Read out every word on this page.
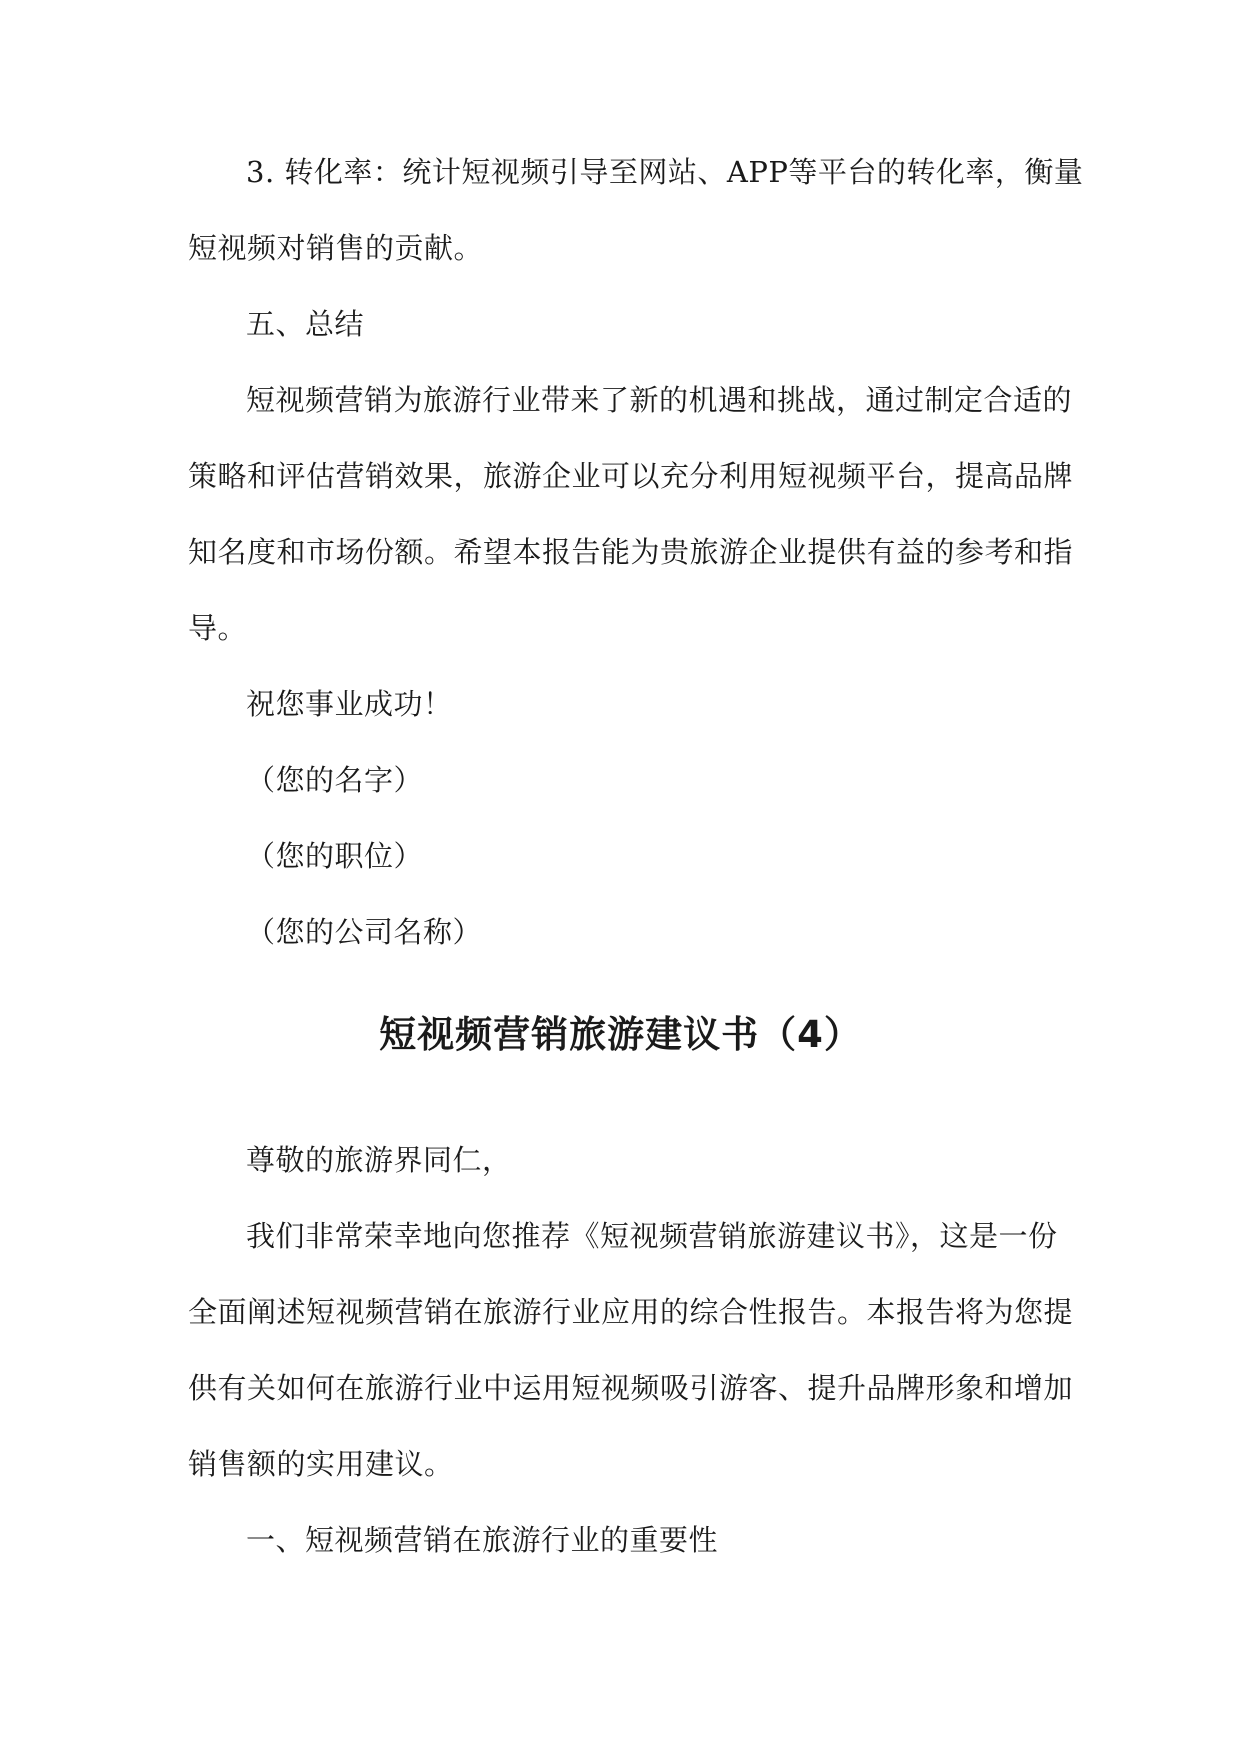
3. 转化率：统计短视频引导至网站、APP等平台的转化率，衡量

短视频对销售的贡献。

五、总结

短视频营销为旅游行业带来了新的机遇和挑战，通过制定合适的

策略和评估营销效果，旅游企业可以充分利用短视频平台，提高品牌

知名度和市场份额。希望本报告能为贵旅游企业提供有益的参考和指

导。

祝您事业成功！

（您的名字）

（您的职位）

（您的公司名称）

短视频营销旅游建议书（4）

尊敬的旅游界同仁，

我们非常荣幸地向您推荐《短视频营销旅游建议书》，这是一份

全面阐述短视频营销在旅游行业应用的综合性报告。本报告将为您提

供有关如何在旅游行业中运用短视频吸引游客、提升品牌形象和增加

销售额的实用建议。

一、短视频营销在旅游行业的重要性
